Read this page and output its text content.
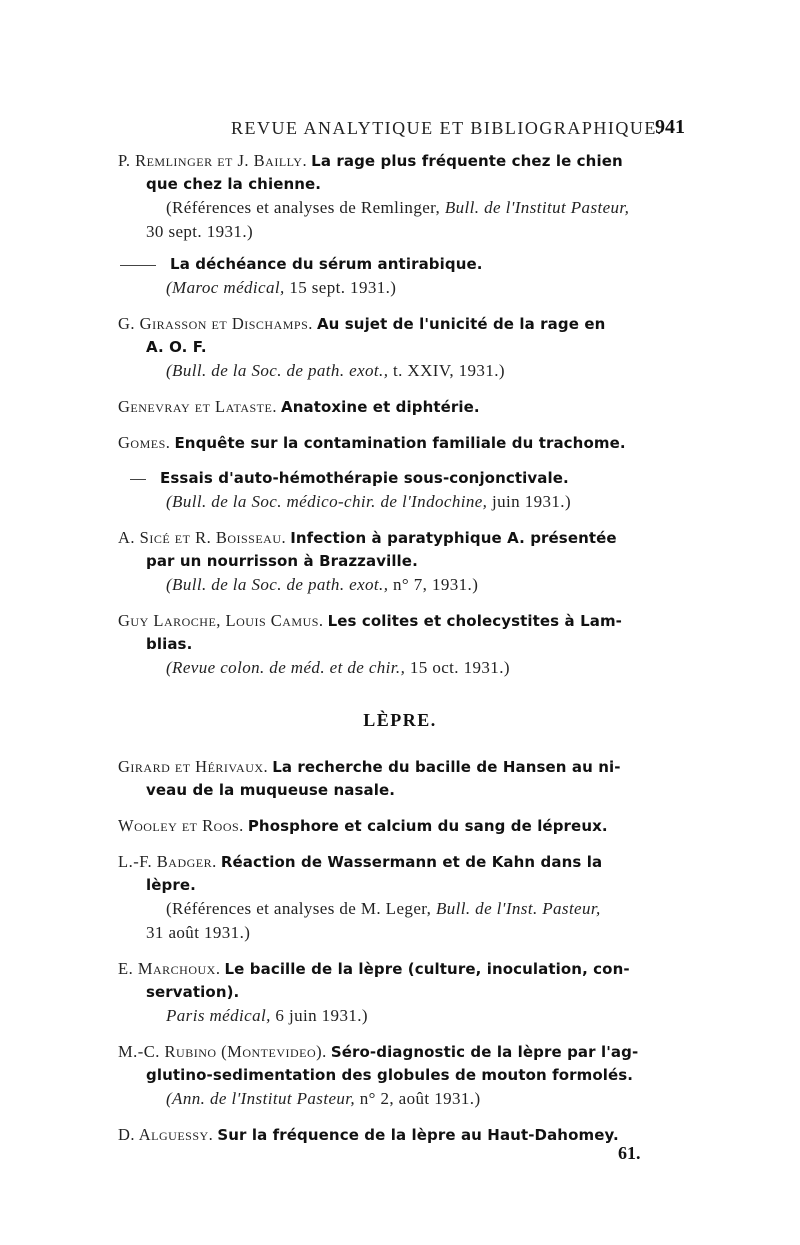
REVUE ANALYTIQUE ET BIBLIOGRAPHIQUE.
941
P. Remlinger et J. Bailly. La rage plus fréquente chez le chien
que chez la chienne.
(Références et analyses de Remlinger, Bull. de l'Institut Pasteur,
30 sept. 1931.)
La déchéance du sérum antirabique.
(Maroc médical, 15 sept. 1931.)
G. Girasson et Dischamps. Au sujet de l'unicité de la rage en
A. O. F.
(Bull. de la Soc. de path. exot., t. XXIV, 1931.)
Genevray et Lataste. Anatoxine et diphtérie.
Gomes. Enquête sur la contamination familiale du trachome.
Essais d'auto-hémothérapie sous-conjonctivale.
(Bull. de la Soc. médico-chir. de l'Indochine, juin 1931.)
A. Sicé et R. Boisseau. Infection à paratyphique A. présentée
par un nourrisson à Brazzaville.
(Bull. de la Soc. de path. exot., n° 7, 1931.)
Guy Laroche, Louis Camus. Les colites et cholecystites à Lam-
blias.
(Revue colon. de méd. et de chir., 15 oct. 1931.)
LÈPRE.
Girard et Hérivaux. La recherche du bacille de Hansen au ni-
veau de la muqueuse nasale.
Wooley et Roos. Phosphore et calcium du sang de lépreux.
L.-F. Badger. Réaction de Wassermann et de Kahn dans la
lèpre.
(Références et analyses de M. Leger, Bull. de l'Inst. Pasteur,
31 août 1931.)
E. Marchoux. Le bacille de la lèpre (culture, inoculation, con-
servation).
Paris médical, 6 juin 1931.)
M.-C. Rubino (Montevideo). Séro-diagnostic de la lèpre par l'ag-
glutino-sedimentation des globules de mouton formolés.
(Ann. de l'Institut Pasteur, n° 2, août 1931.)
D. Alguessy. Sur la fréquence de la lèpre au Haut-Dahomey.
61.
